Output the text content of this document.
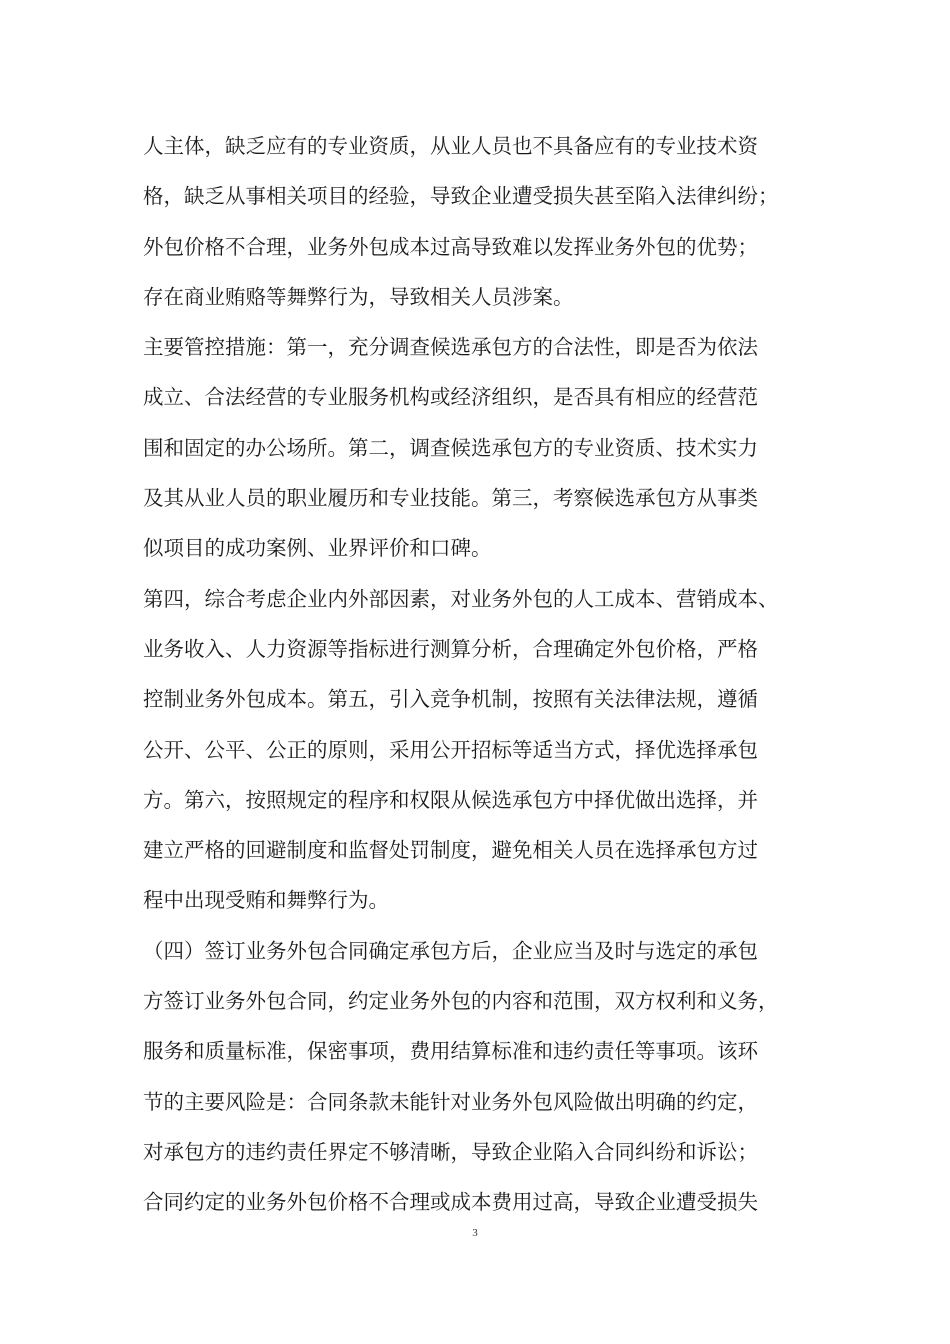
人主体，缺乏应有的专业资质，从业人员也不具备应有的专业技术资

格，缺乏从事相关项目的经验，导致企业遭受损失甚至陷入法律纠纷；

外包价格不合理，业务外包成本过高导致难以发挥业务外包的优势；

存在商业贿赂等舞弊行为，导致相关人员涉案。

主要管控措施：第一，充分调查候选承包方的合法性，即是否为依法

成立、合法经营的专业服务机构或经济组织，是否具有相应的经营范

围和固定的办公场所。第二，调查候选承包方的专业资质、技术实力

及其从业人员的职业履历和专业技能。第三，考察候选承包方从事类

似项目的成功案例、业界评价和口碑。

第四，综合考虑企业内外部因素，对业务外包的人工成本、营销成本、

业务收入、人力资源等指标进行测算分析，合理确定外包价格，严格

控制业务外包成本。第五，引入竞争机制，按照有关法律法规，遵循

公开、公平、公正的原则，采用公开招标等适当方式，择优选择承包

方。第六，按照规定的程序和权限从候选承包方中择优做出选择，并

建立严格的回避制度和监督处罚制度，避免相关人员在选择承包方过

程中出现受贿和舞弊行为。

（四）签订业务外包合同确定承包方后，企业应当及时与选定的承包

方签订业务外包合同，约定业务外包的内容和范围，双方权利和义务，

服务和质量标准，保密事项，费用结算标准和违约责任等事项。该环

节的主要风险是：合同条款未能针对业务外包风险做出明确的约定，

对承包方的违约责任界定不够清晰，导致企业陷入合同纠纷和诉讼；

合同约定的业务外包价格不合理或成本费用过高，导致企业遭受损失

3
